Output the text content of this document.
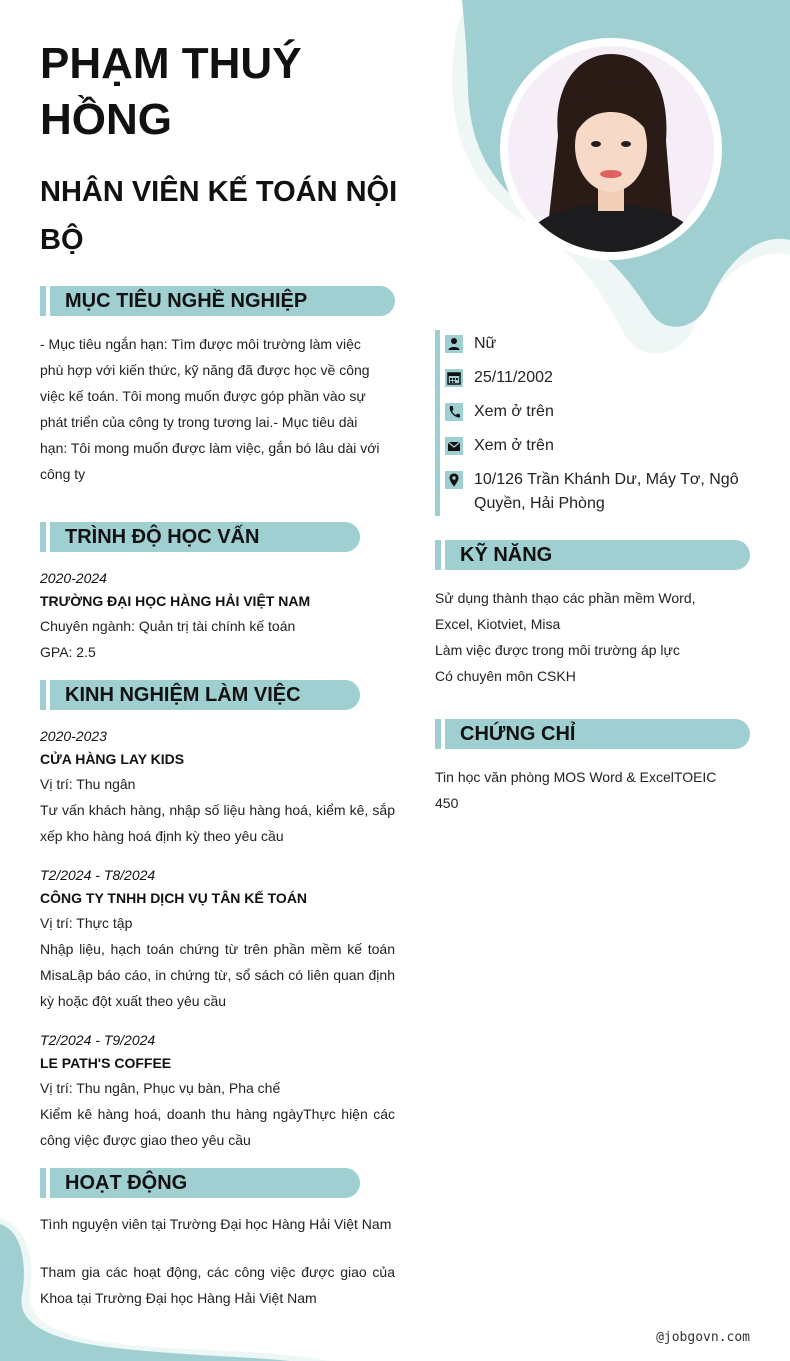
PHẠM THUÝ HỒNG
NHÂN VIÊN KẾ TOÁN NỘI BỘ
Nữ
25/11/2002
Xem ở trên
Xem ở trên
10/126 Trần Khánh Dư, Máy Tơ, Ngô Quyền, Hải Phòng
MỤC TIÊU NGHỀ NGHIỆP
- Mục tiêu ngắn hạn: Tìm được môi trường làm việc phù hợp với kiến thức, kỹ năng đã được học về công việc kế toán. Tôi mong muốn được góp phần vào sự phát triển của công ty trong tương lai.- Mục tiêu dài hạn: Tôi mong muốn được làm việc, gắn bó lâu dài với công ty
TRÌNH ĐỘ HỌC VẤN
2020-2024
TRƯỜNG ĐẠI HỌC HÀNG HẢI VIỆT NAM
Chuyên ngành: Quản trị tài chính kế toán
GPA: 2.5
KINH NGHIỆM LÀM VIỆC
2020-2023
CỬA HÀNG LAY KIDS
Vị trí: Thu ngân
Tư vấn khách hàng, nhập số liệu hàng hoá, kiểm kê, sắp xếp kho hàng hoá định kỳ theo yêu cầu
T2/2024 - T8/2024
CÔNG TY TNHH DỊCH VỤ TÂN KẾ TOÁN
Vị trí: Thực tập
Nhập liệu, hạch toán chứng từ trên phần mềm kế toán MisaLập báo cáo, in chứng từ, sổ sách có liên quan định kỳ hoặc đột xuất theo yêu cầu
T2/2024 - T9/2024
LE PATH'S COFFEE
Vị trí: Thu ngân, Phục vụ bàn, Pha chế
Kiểm kê hàng hoá, doanh thu hàng ngàyThực hiện các công việc được giao theo yêu cầu
HOẠT ĐỘNG
Tình nguyện viên tại Trường Đại học Hàng Hải Việt Nam
Tham gia các hoạt động, các công việc được giao của Khoa tại Trường Đại học Hàng Hải Việt Nam
KỸ NĂNG
Sử dụng thành thạo các phần mềm Word, Excel, Kiotviet, Misa
Làm việc được trong môi trường áp lực
Có chuyên môn CSKH
CHỨNG CHỈ
Tin học văn phòng MOS Word & ExcelTOEIC 450
@jobgovn.com
